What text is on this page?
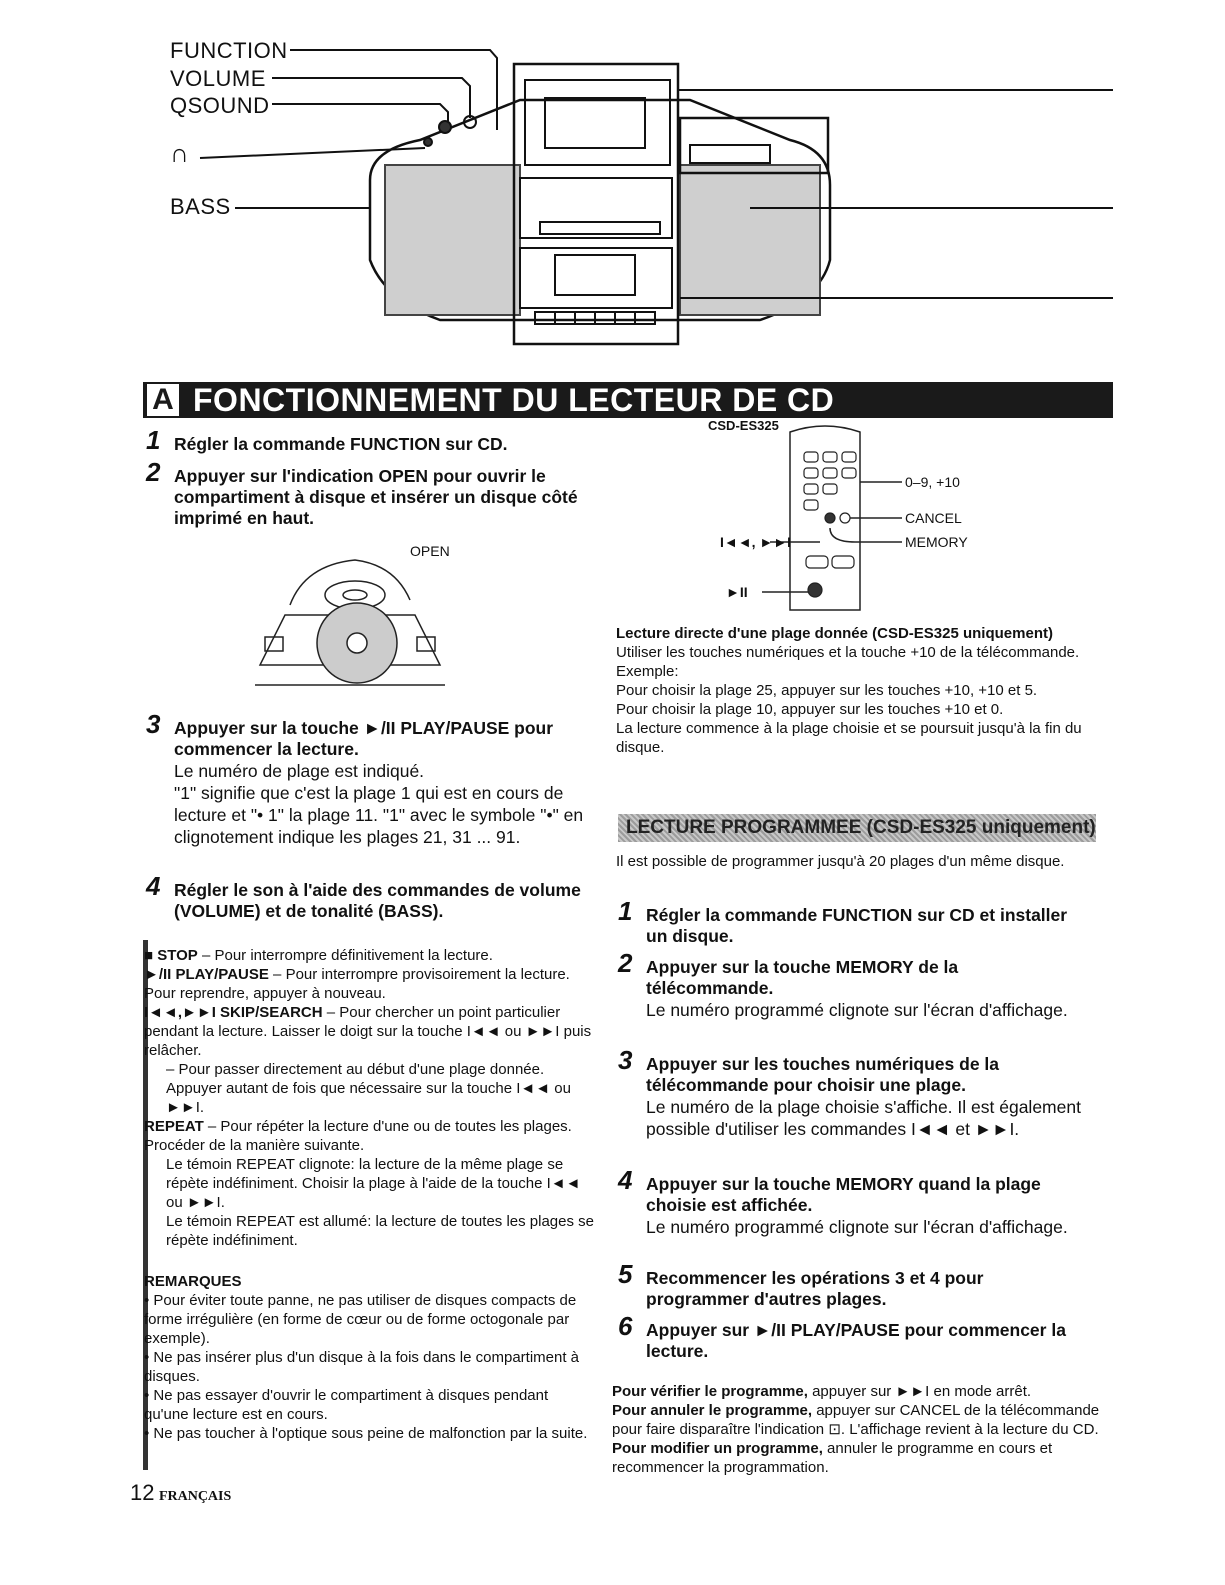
FUNCTION
VOLUME
QSOUND
∩
BASS
A FONCTIONNEMENT DU LECTEUR DE CD
1 Régler la commande FUNCTION sur CD.
2 Appuyer sur l'indication OPEN pour ouvrir le compartiment à disque et insérer un disque côté imprimé en haut.
OPEN
3 Appuyer sur la touche ►/II PLAY/PAUSE pour commencer la lecture.
Le numéro de plage est indiqué.
"1" signifie que c'est la plage 1 qui est en cours de lecture et "• 1" la plage 11. "1" avec le symbole "•" en clignotement indique les plages 21, 31 ... 91.
4 Régler le son à l'aide des commandes de volume (VOLUME) et de tonalité (BASS).

■ STOP – Pour interrompre définitivement la lecture.

►/II PLAY/PAUSE – Pour interrompre provisoirement la lecture. Pour reprendre, appuyer à nouveau.

I◄◄,►►I SKIP/SEARCH – Pour chercher un point particulier pendant la lecture. Laisser le doigt sur la touche I◄◄ ou ►►I puis relâcher.

– Pour passer directement au début d'une plage donnée. Appuyer autant de fois que nécessaire sur la touche I◄◄ ou ►►I.

REPEAT – Pour répéter la lecture d'une ou de toutes les plages. Procéder de la manière suivante.

Le témoin REPEAT clignote: la lecture de la même plage se répète indéfiniment. Choisir la plage à l'aide de la touche I◄◄ ou ►►I.

Le témoin REPEAT est allumé: la lecture de toutes les plages se répète indéfiniment.

REMARQUES

• Pour éviter toute panne, ne pas utiliser de disques compacts de forme irrégulière (en forme de cœur ou de forme octogonale par exemple).

• Ne pas insérer plus d'un disque à la fois dans le compartiment à disques.

• Ne pas essayer d'ouvrir le compartiment à disques pendant qu'une lecture est en cours.

• Ne pas toucher à l'optique sous peine de malfonction par la suite.

12 FRANÇAIS
CSD-ES325
0–9, +10
CANCEL
MEMORY
I◄◄, ►►I
►II

Lecture directe d'une plage donnée (CSD-ES325 uniquement)

Utiliser les touches numériques et la touche +10 de la télécommande.

Exemple:

Pour choisir la plage 25, appuyer sur les touches +10, +10 et 5.

Pour choisir la plage 10, appuyer sur les touches +10 et 0.

La lecture commence à la plage choisie et se poursuit jusqu'à la fin du disque.

LECTURE PROGRAMMEE (CSD-ES325 uniquement)
Il est possible de programmer jusqu'à 20 plages d'un même disque.
1 Régler la commande FUNCTION sur CD et installer un disque.
2 Appuyer sur la touche MEMORY de la télécommande.
Le numéro programmé clignote sur l'écran d'affichage.
3 Appuyer sur les touches numériques de la télécommande pour choisir une plage.
Le numéro de la plage choisie s'affiche. Il est également possible d'utiliser les commandes I◄◄ et ►►I.
4 Appuyer sur la touche MEMORY quand la plage choisie est affichée.
Le numéro programmé clignote sur l'écran d'affichage.
5 Recommencer les opérations 3 et 4 pour programmer d'autres plages.
6 Appuyer sur ►/II PLAY/PAUSE pour commencer la lecture.

Pour vérifier le programme, appuyer sur ►►I en mode arrêt.

Pour annuler le programme, appuyer sur CANCEL de la télécommande pour faire disparaître l'indication ⊡. L'affichage revient à la lecture du CD.

Pour modifier un programme, annuler le programme en cours et recommencer la programmation.
